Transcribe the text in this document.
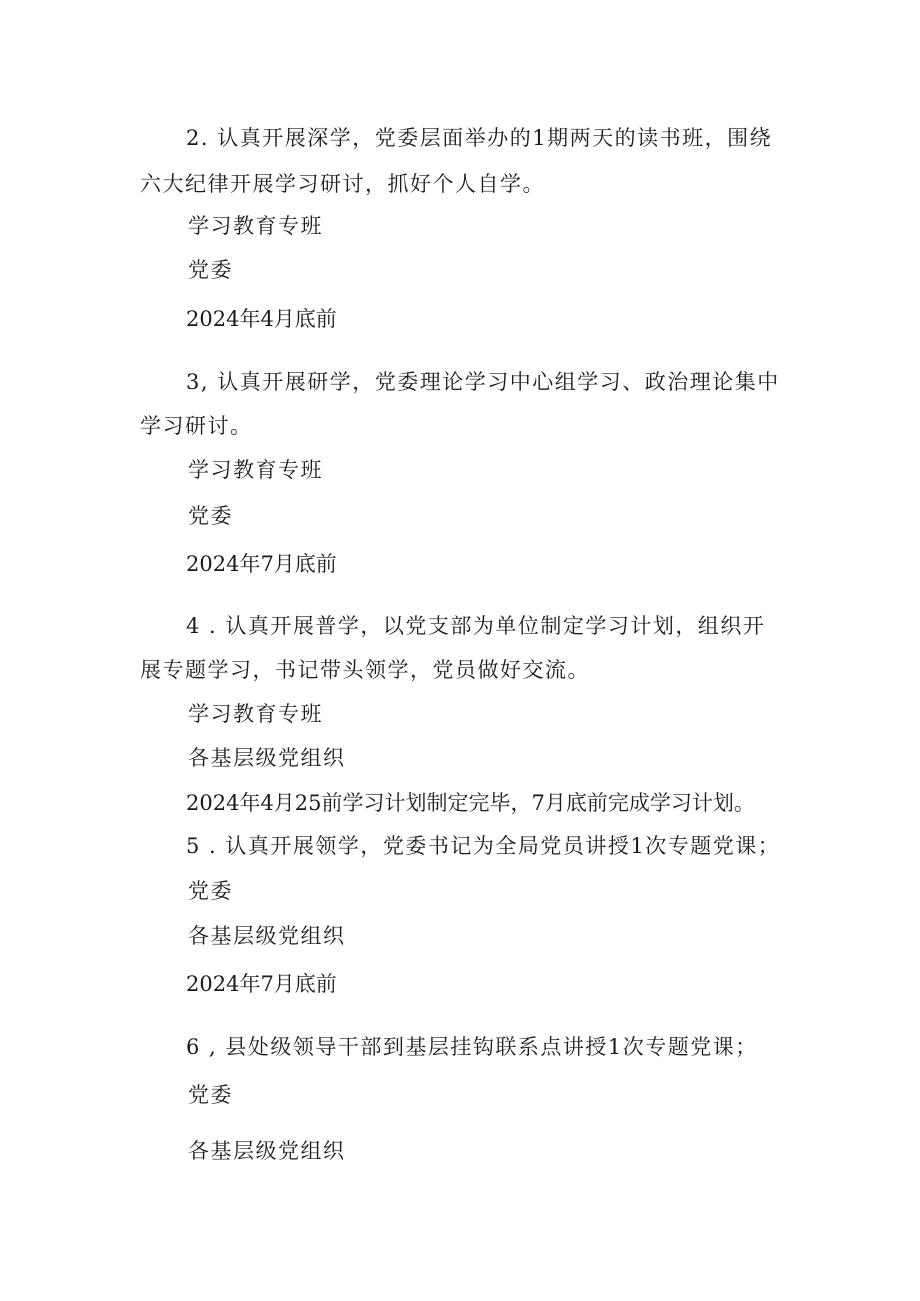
2. 认真开展深学，党委层面举办的1期两天的读书班，围绕
六大纪律开展学习研讨，抓好个人自学。
学习教育专班
党委
2024年4月底前
3, 认真开展研学，党委理论学习中心组学习、政治理论集中
学习研讨。
学习教育专班
党委
2024年7月底前
4 . 认真开展普学，以党支部为单位制定学习计划，组织开
展专题学习，书记带头领学，党员做好交流。
学习教育专班
各基层级党组织
2024年4月25前学习计划制定完毕，7月底前完成学习计划。
5 . 认真开展领学，党委书记为全局党员讲授1次专题党课；
党委
各基层级党组织
2024年7月底前
6 , 县处级领导干部到基层挂钩联系点讲授1次专题党课；
党委
各基层级党组织
